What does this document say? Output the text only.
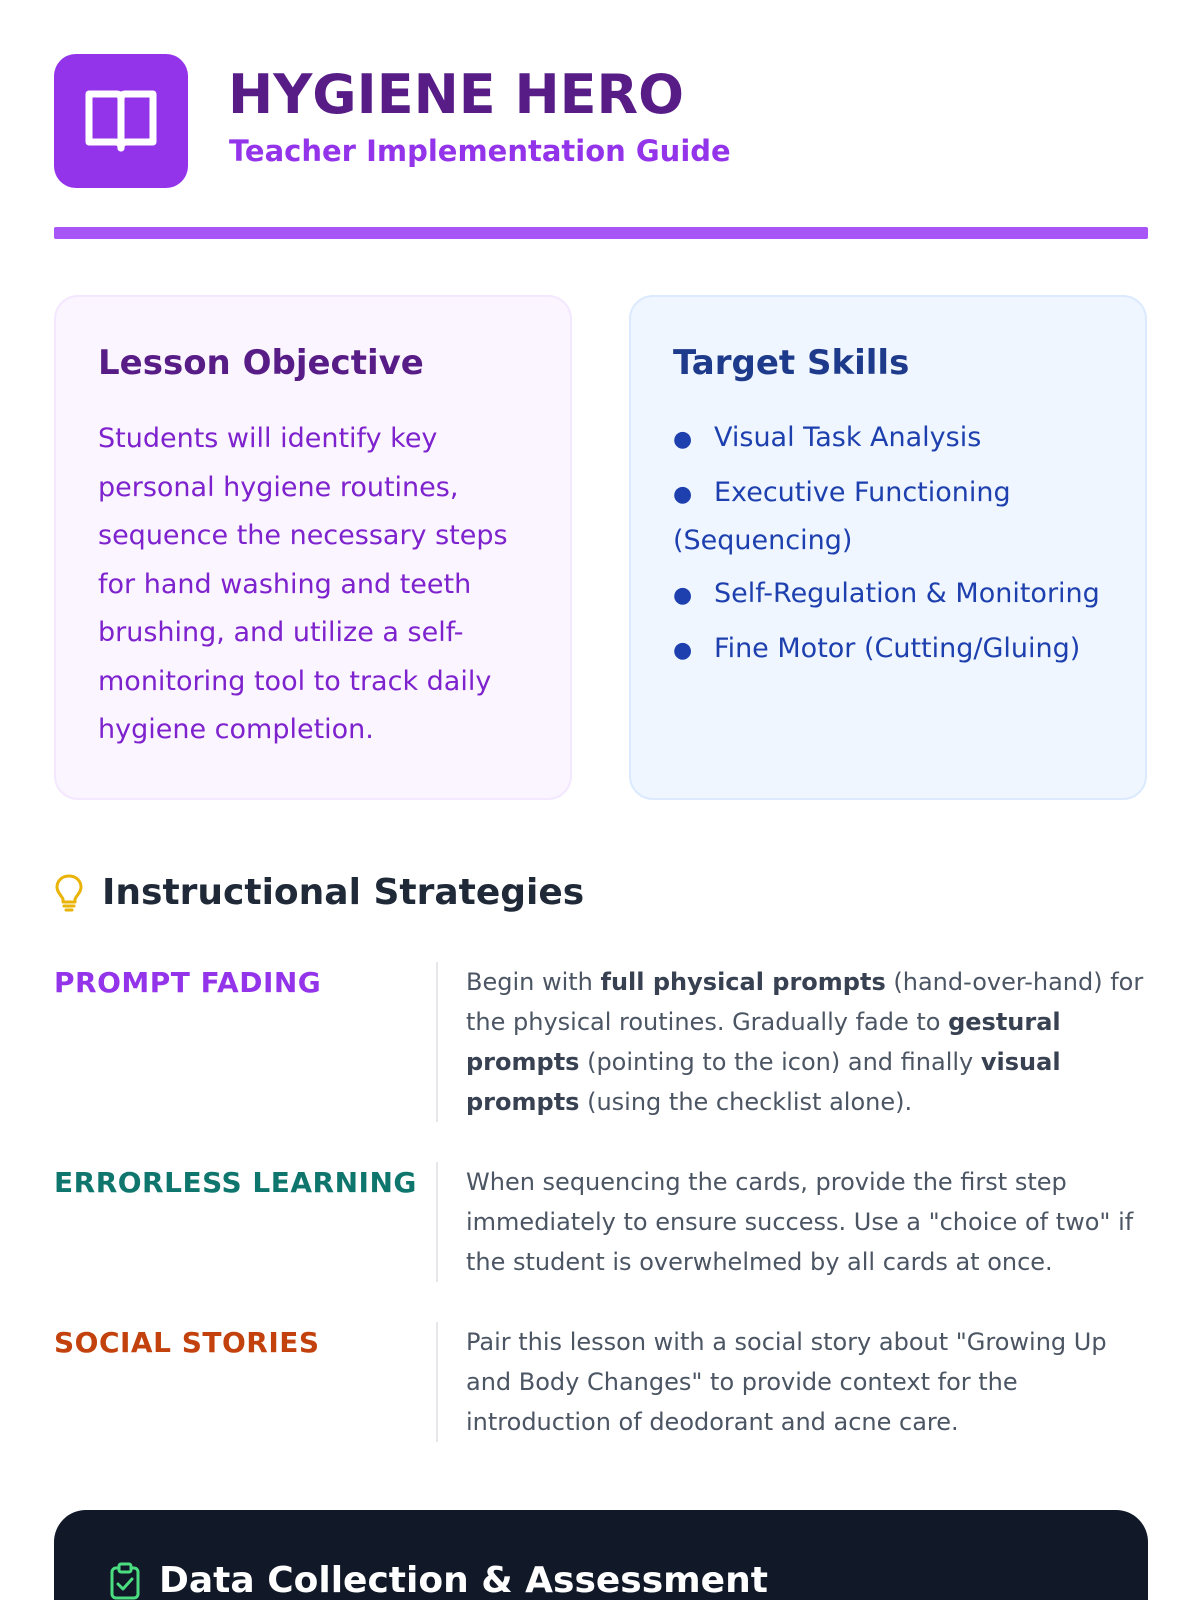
HYGIENE HERO
Teacher Implementation Guide
Lesson Objective

Students will identify key personal hygiene routines, sequence the necessary steps for hand washing and teeth brushing, and utilize a self-monitoring tool to track daily hygiene completion.

Target Skills
● Visual Task Analysis
● Executive Functioning (Sequencing)
● Self-Regulation & Monitoring
● Fine Motor (Cutting/Gluing)
Instructional Strategies
PROMPT FADING	Begin with full physical prompts (hand-over-hand) for the physical routines. Gradually fade to gestural prompts (pointing to the icon) and finally visual prompts (using the checklist alone).
ERRORLESS LEARNING	When sequencing the cards, provide the first step immediately to ensure success. Use a "choice of two" if the student is overwhelmed by all cards at once.
SOCIAL STORIES	Pair this lesson with a social story about "Growing Up and Body Changes" to provide context for the introduction of deodorant and acne care.
Data Collection & Assessment
